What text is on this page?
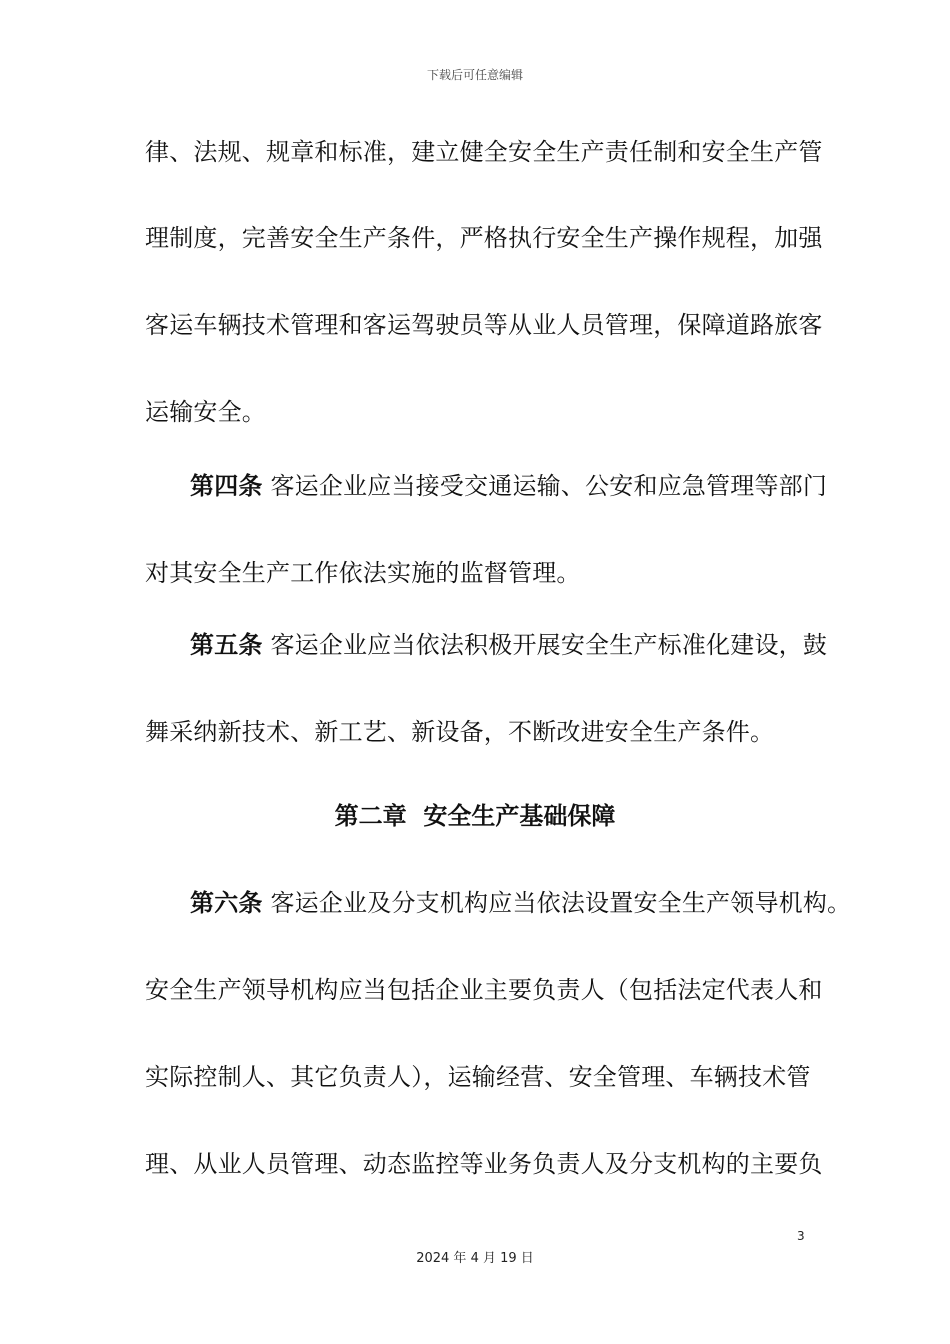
下载后可任意编辑
律、法规、规章和标准，建立健全安全生产责任制和安全生产管
理制度，完善安全生产条件，严格执行安全生产操作规程，加强
客运车辆技术管理和客运驾驶员等从业人员管理，保障道路旅客
运输安全。
第四条 客运企业应当接受交通运输、公安和应急管理等部门
对其安全生产工作依法实施的监督管理。
第五条 客运企业应当依法积极开展安全生产标准化建设，鼓
舞采纳新技术、新工艺、新设备，不断改进安全生产条件。
第二章  安全生产基础保障
第六条 客运企业及分支机构应当依法设置安全生产领导机构。
安全生产领导机构应当包括企业主要负责人（包括法定代表人和
实际控制人、其它负责人），运输经营、安全管理、车辆技术管
理、从业人员管理、动态监控等业务负责人及分支机构的主要负
3
2024 年 4 月 19 日
